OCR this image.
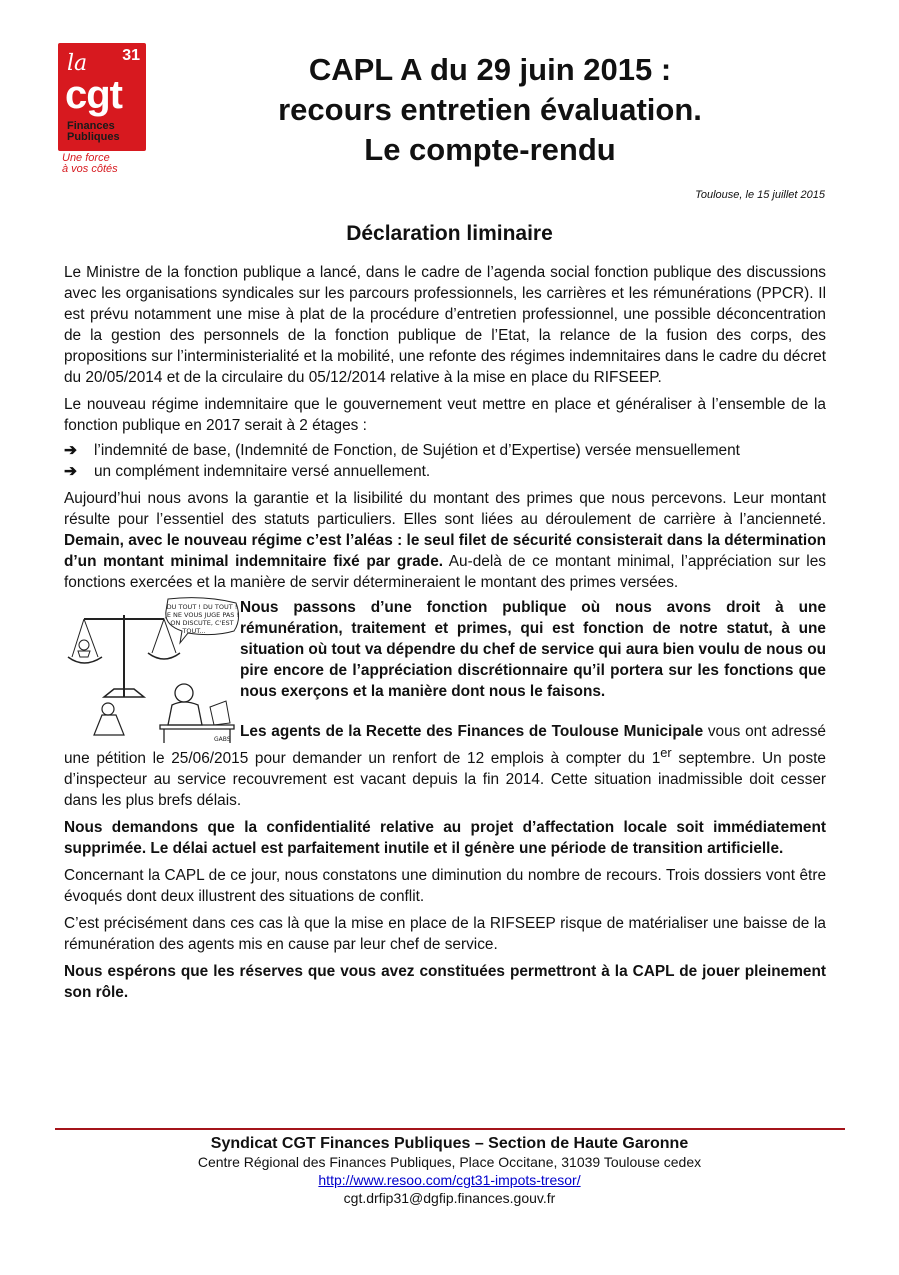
31
la
cgt
Finances
Publiques
Une force
à vos côtés
CAPL A du 29 juin 2015 :
recours entretien évaluation.
Le compte-rendu
Toulouse, le 15 juillet 2015
Déclaration liminaire

Le Ministre de la fonction publique a lancé, dans le cadre de l’agenda social fonction publique des discussions avec les organisations syndicales sur les parcours professionnels, les carrières et les rémunérations (PPCR). Il est prévu notamment une mise à plat de la procédure d’entretien professionnel, une possible déconcentration de la gestion des personnels de la fonction publique de l’Etat, la relance de la fusion des corps, des propositions sur l’interministerialité et la mobilité, une refonte des régimes indemnitaires dans le cadre du décret du 20/05/2014 et de la circulaire du 05/12/2014 relative à la mise en place du RIFSEEP.

Le nouveau régime indemnitaire que le gouvernement veut mettre en place et généraliser à l’ensemble de la fonction publique en 2017 serait à 2 étages :

➔	l’indemnité de base, (Indemnité de Fonction, de Sujétion et d’Expertise) versée mensuellement
➔	un complément indemnitaire versé annuellement.

Aujourd’hui nous avons la garantie et la lisibilité du montant des primes que nous percevons. Leur montant résulte pour l’essentiel des statuts particuliers. Elles sont liées au déroulement de carrière à l’ancienneté. Demain, avec le nouveau régime c’est l’aléas : le seul filet de sécurité consisterait dans la détermination d’un montant minimal indemnitaire fixé par grade. Au-delà de ce montant minimal, l’appréciation sur les fonctions exercées et la manière de servir détermineraient le montant des primes versées.

DU TOUT ! DU TOUT !
JE NE VOUS JUGE PAS !
ON DISCUTE, C'EST
TOUT...
GABS
Nous passons d’une fonction publique où nous avons droit à une rémunération, traitement et primes, qui est fonction de notre statut, à une situation où tout va dépendre du chef de service qui aura bien voulu de nous ou pire encore de l’appréciation discrétionnaire qu’il portera sur les fonctions que nous exerçons et la manière dont nous le faisons.

Les agents de la Recette des Finances de Toulouse Municipale vous ont adressé une pétition le 25/06/2015 pour demander un renfort de 12 emplois à compter du 1er septembre. Un poste d’inspecteur au service recouvrement est vacant depuis la fin 2014. Cette situation inadmissible doit cesser dans les plus brefs délais.

Nous demandons que la confidentialité relative au projet d’affectation locale soit immédiatement supprimée. Le délai actuel est parfaitement inutile et il génère une période de transition artificielle.

Concernant la CAPL de ce jour, nous constatons une diminution du nombre de recours. Trois dossiers vont être évoqués dont deux illustrent des situations de conflit.

C’est précisément dans ces cas là que la mise en place de la RIFSEEP risque de matérialiser une baisse de la rémunération des agents mis en cause par leur chef de service.

Nous espérons que les réserves que vous avez constituées permettront à la CAPL de jouer pleinement son rôle.

Syndicat CGT Finances Publiques – Section de Haute Garonne
Centre Régional des Finances Publiques, Place Occitane, 31039 Toulouse cedex
http://www.resoo.com/cgt31-impots-tresor/
cgt.drfip31@dgfip.finances.gouv.fr
